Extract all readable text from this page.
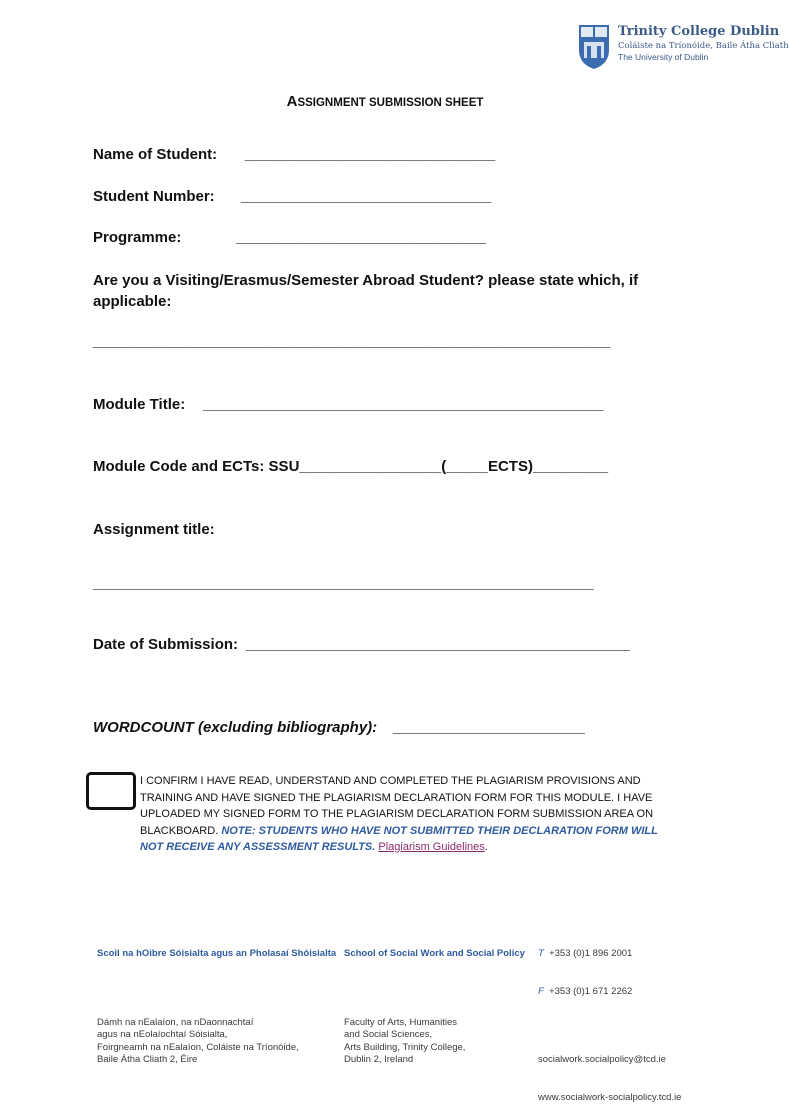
Trinity College Dublin
Coláiste na Tríonóide, Baile Átha Cliath
The University of Dublin
ASSIGNMENT SUBMISSION SHEET
Name of Student: ______________________________
Student Number: ______________________________
Programme:	______________________________
Are you a Visiting/Erasmus/Semester Abroad Student? please state which, if applicable:
______________________________________________________________
Module Title: ________________________________________________
Module Code and ECTs: SSU_________________(_____ECTS)_________
Assignment title:
____________________________________________________________
Date of Submission: ______________________________________________
WORDCOUNT (excluding bibliography): _______________________
I CONFIRM I HAVE READ, UNDERSTAND AND COMPLETED THE PLAGIARISM PROVISIONS AND TRAINING AND HAVE SIGNED THE PLAGIARISM DECLARATION FORM FOR THIS MODULE. I HAVE UPLOADED MY SIGNED FORM TO THE PLAGIARISM DECLARATION FORM SUBMISSION AREA ON BLACKBOARD. NOTE: STUDENTS WHO HAVE NOT SUBMITTED THEIR DECLARATION FORM WILL NOT RECEIVE ANY ASSESSMENT RESULTS. Plagiarism Guidelines.

Scoil na hOibre Sóisialta agus an Pholasaí Shóisialta

Dámh na nEalaíon, na nDaonnachtaí
agus na nEolaíochtaí Sóisialta,
Foirgneamh na nEalaíon, Coláiste na Tríonóide,
Baile Átha Cliath 2, Éire

School of Social Work and Social Policy

Faculty of Arts, Humanities
and Social Sciences,
Arts Building, Trinity College,
Dublin 2, Ireland

T +353 (0)1 896 2001

F +353 (0)1 671 2262

socialwork.socialpolicy@tcd.ie

www.socialwork-socialpolicy.tcd.ie
